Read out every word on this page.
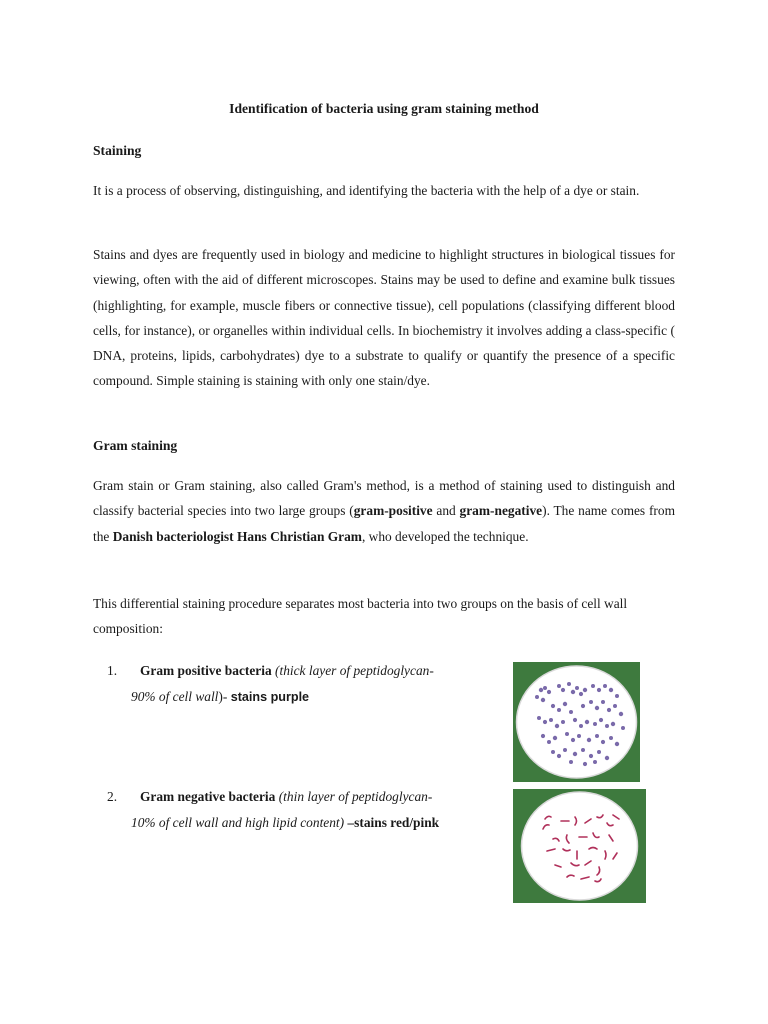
Identification of bacteria using gram staining method
Staining

It is a process of observing, distinguishing, and identifying the bacteria with the help of a dye or stain.

Stains and dyes are frequently used in biology and medicine to highlight structures in biological tissues for viewing, often with the aid of different microscopes. Stains may be used to define and examine bulk tissues (highlighting, for example, muscle fibers or connective tissue), cell populations (classifying different blood cells, for instance), or organelles within individual cells. In biochemistry it involves adding a class-specific ( DNA, proteins, lipids, carbohydrates) dye to a substrate to qualify or quantify the presence of a specific compound. Simple staining is staining with only one stain/dye.

Gram staining

Gram stain or Gram staining, also called Gram's method, is a method of staining used to distinguish and classify bacterial species into two large groups (gram-positive and gram-negative). The name comes from the Danish bacteriologist Hans Christian Gram, who developed the technique.

This differential staining procedure separates most bacteria into two groups on the basis of cell wall composition:

1. Gram positive bacteria (thick layer of peptidoglycan-
90% of cell wall)- stains purple
2. Gram negative bacteria (thin layer of peptidoglycan-
10% of cell wall and high lipid content) –stains red/pink
